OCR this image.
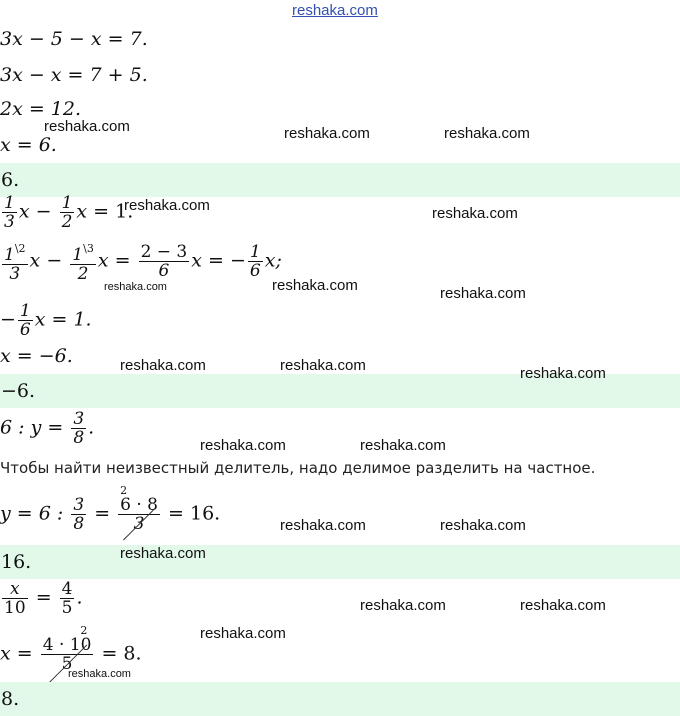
reshaka.com
3x − 5 − x = 7.
3x − x = 7 + 5.
2x = 12.
x = 6.
6.
$\frac{1}{3}$ $x - \frac{1}{2}$ x = 1.
$\frac{1^{\backslash 2}}{3}$ $x - \frac{1^{\backslash 3}}{2}$ $x = \frac{2 - 3}{6}$ x = − $\frac{1}{6} x$;
− $\frac{1}{6}$ x = 1.
x = −6.
−6.
6 : $y = \frac{3}{8}$ .
Чтобы найти неизвестный делитель, надо делимое разделить на частное.
y = 6 : $\frac{3}{8}$ =
2
6 · 8
3	= 16.
16.
$\frac{x}{10} = \frac{4}{5}$ .
x =
2
4 · 10
5	= 8.
8.
reshaka.com	reshaka.com	reshaka.com
reshaka.com	reshaka.com
reshaka.com	reshaka.com	reshaka.com
reshaka.com	reshaka.com	reshaka.com
reshaka.com	reshaka.com
reshaka.com	reshaka.com
reshaka.com
reshaka.com	reshaka.com
reshaka.com
reshaka.com
